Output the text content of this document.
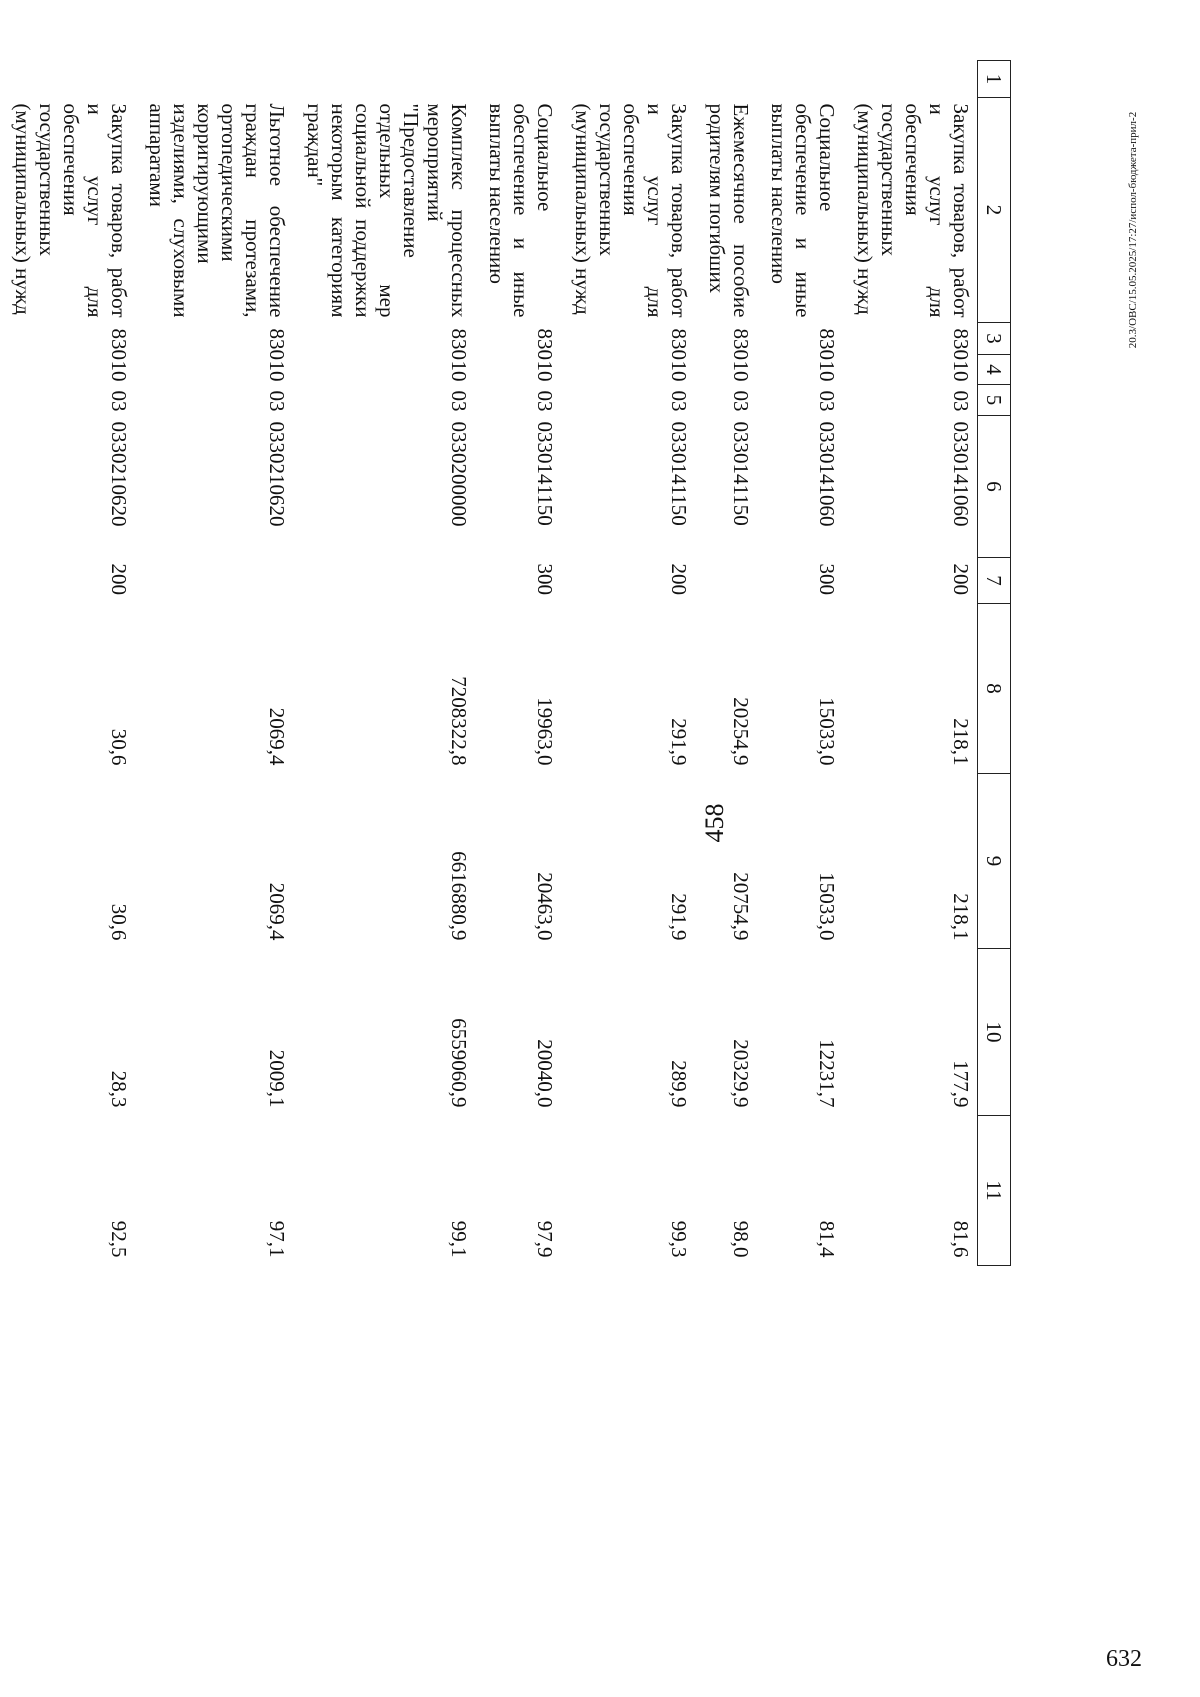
458
20.3/OBC/15.05.2025/17:27/испол-бюджета-прил-2
632
1	2	3	4	5	6	7	8	9	10	11
	Закупка товаров, работ и услуг для обеспечения государственных (муниципальных) нужд	830	10	03	0330141060	200	218,1	218,1	177,9	81,6
	Социальное обеспечение и иные выплаты населению	830	10	03	0330141060	300	15033,0	15033,0	12231,7	81,4
	Ежемесячное пособие родителям погибших	830	10	03	0330141150		20254,9	20754,9	20329,9	98,0
	Закупка товаров, работ и услуг для обеспечения государственных (муниципальных) нужд	830	10	03	0330141150	200	291,9	291,9	289,9	99,3
	Социальное обеспечение и иные выплаты населению	830	10	03	0330141150	300	19963,0	20463,0	20040,0	97,9
	Комплекс процессных мероприятий "Предоставление отдельных мер социальной поддержки некоторым категориям граждан"	830	10	03	0330200000		7208322,8	6616880,9	6559060,9	99,1
	Льготное обеспечение граждан протезами, ортопедическими корригирующими изделиями, слуховыми аппаратами	830	10	03	0330210620		2069,4	2069,4	2009,1	97,1
	Закупка товаров, работ и услуг для обеспечения государственных (муниципальных) нужд	830	10	03	0330210620	200	30,6	30,6	28,3	92,5
